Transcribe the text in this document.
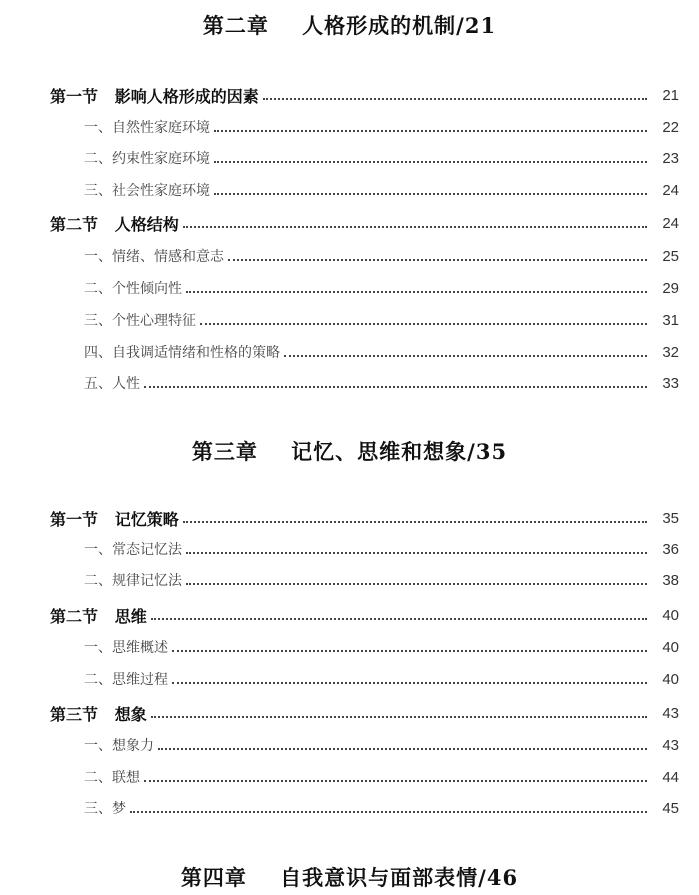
第二章    人格形成的机制/21
第一节   影响人格形成的因素	21
一、自然性家庭环境	22
二、约束性家庭环境	23
三、社会性家庭环境	24
第二节   人格结构	24
一、情绪、情感和意志	25
二、个性倾向性	29
三、个性心理特征	31
四、自我调适情绪和性格的策略	32
五、人性	33
第三章    记忆、思维和想象/35
第一节   记忆策略	35
一、常态记忆法	36
二、规律记忆法	38
第二节   思维	40
一、思维概述	40
二、思维过程	40
第三节   想象	43
一、想象力	43
二、联想	44
三、梦	45
第四章    自我意识与面部表情/46
